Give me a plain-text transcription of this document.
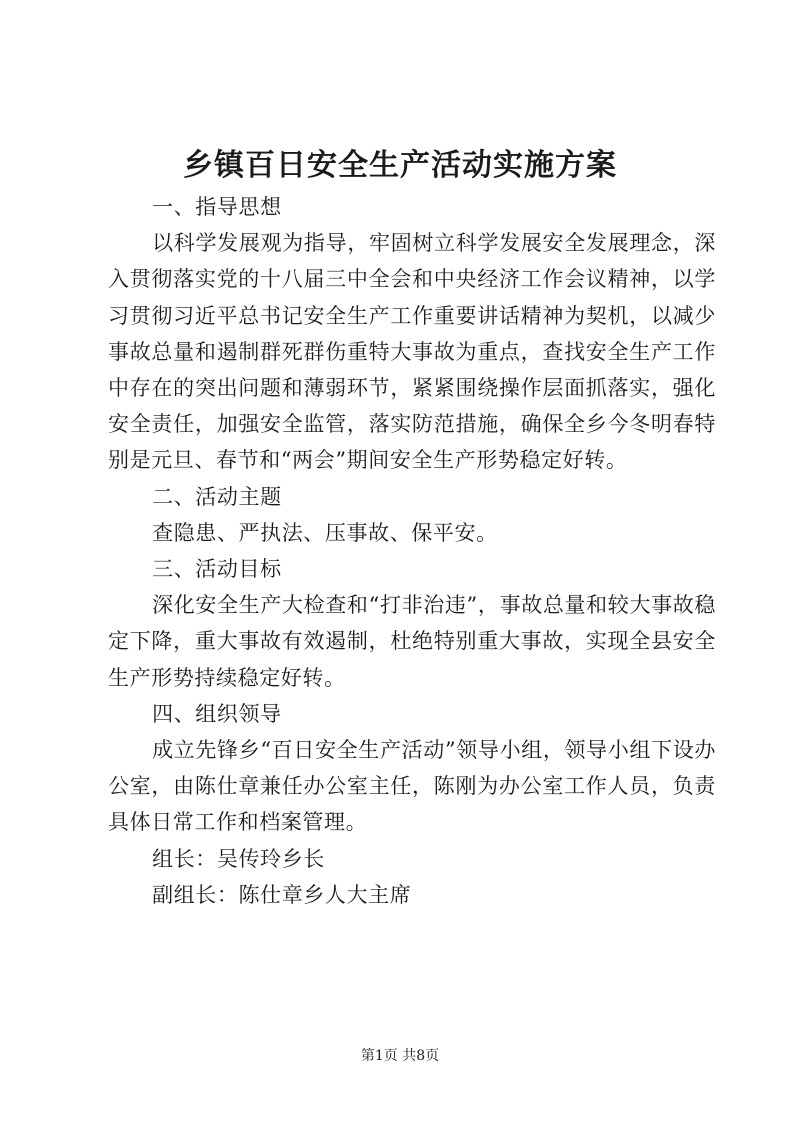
乡镇百日安全生产活动实施方案

一、指导思想

以科学发展观为指导，牢固树立科学发展安全发展理念，深入贯彻落实党的十八届三中全会和中央经济工作会议精神，以学习贯彻习近平总书记安全生产工作重要讲话精神为契机，以减少事故总量和遏制群死群伤重特大事故为重点，查找安全生产工作中存在的突出问题和薄弱环节，紧紧围绕操作层面抓落实，强化安全责任，加强安全监管，落实防范措施，确保全乡今冬明春特别是元旦、春节和“两会”期间安全生产形势稳定好转。

二、活动主题

查隐患、严执法、压事故、保平安。

三、活动目标

深化安全生产大检查和“打非治违”，事故总量和较大事故稳定下降，重大事故有效遏制，杜绝特别重大事故，实现全县安全生产形势持续稳定好转。

四、组织领导

成立先锋乡“百日安全生产活动”领导小组，领导小组下设办公室，由陈仕章兼任办公室主任，陈刚为办公室工作人员，负责具体日常工作和档案管理。

组长：吴传玲乡长

副组长：陈仕章乡人大主席

第1页 共8页
